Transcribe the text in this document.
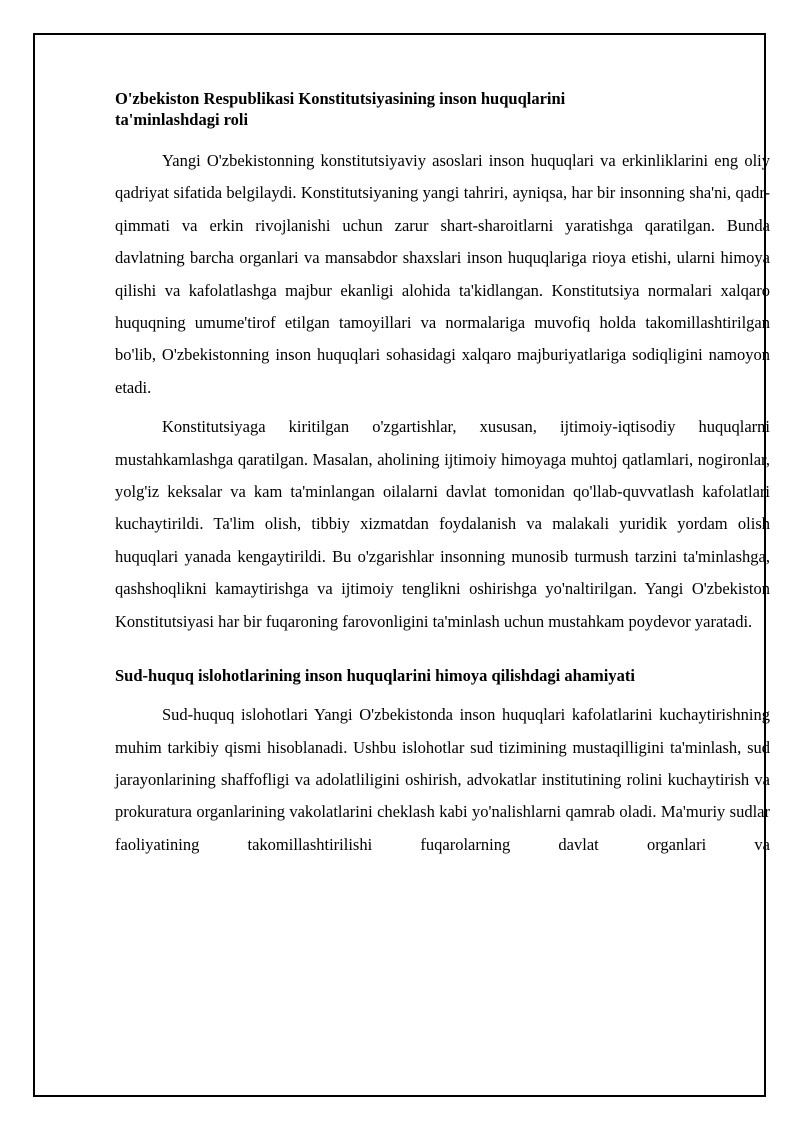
O'zbekiston Respublikasi Konstitutsiyasining inson huquqlarini ta'minlashdagi roli

Yangi O'zbekistonning konstitutsiyaviy asoslari inson huquqlari va erkinliklarini eng oliy qadriyat sifatida belgilaydi. Konstitutsiyaning yangi tahriri, ayniqsa, har bir insonning sha'ni, qadr-qimmati va erkin rivojlanishi uchun zarur shart-sharoitlarni yaratishga qaratilgan. Bunda davlatning barcha organlari va mansabdor shaxslari inson huquqlariga rioya etishi, ularni himoya qilishi va kafolatlashga majbur ekanligi alohida ta'kidlangan. Konstitutsiya normalari xalqaro huquqning umume'tirof etilgan tamoyillari va normalariga muvofiq holda takomillashtirilgan bo'lib, O'zbekistonning inson huquqlari sohasidagi xalqaro majburiyatlariga sodiqligini namoyon etadi.

Konstitutsiyaga kiritilgan o'zgartishlar, xususan, ijtimoiy-iqtisodiy huquqlarni mustahkamlashga qaratilgan. Masalan, aholining ijtimoiy himoyaga muhtoj qatlamlari, nogironlar, yolg'iz keksalar va kam ta'minlangan oilalarni davlat tomonidan qo'llab-quvvatlash kafolatlari kuchaytirildi. Ta'lim olish, tibbiy xizmatdan foydalanish va malakali yuridik yordam olish huquqlari yanada kengaytirildi. Bu o'zgarishlar insonning munosib turmush tarzini ta'minlashga, qashshoqlikni kamaytirishga va ijtimoiy tenglikni oshirishga yo'naltirilgan. Yangi O'zbekiston Konstitutsiyasi har bir fuqaroning farovonligini ta'minlash uchun mustahkam poydevor yaratadi.

Sud-huquq islohotlarining inson huquqlarini himoya qilishdagi ahamiyati

Sud-huquq islohotlari Yangi O'zbekistonda inson huquqlari kafolatlarini kuchaytirishning muhim tarkibiy qismi hisoblanadi. Ushbu islohotlar sud tizimining mustaqilligini ta'minlash, sud jarayonlarining shaffofligi va adolatliligini oshirish, advokatlar institutining rolini kuchaytirish va prokuratura organlarining vakolatlarini cheklash kabi yo'nalishlarni qamrab oladi. Ma'muriy sudlar faoliyatining takomillashtirilishi fuqarolarning davlat organlari va
